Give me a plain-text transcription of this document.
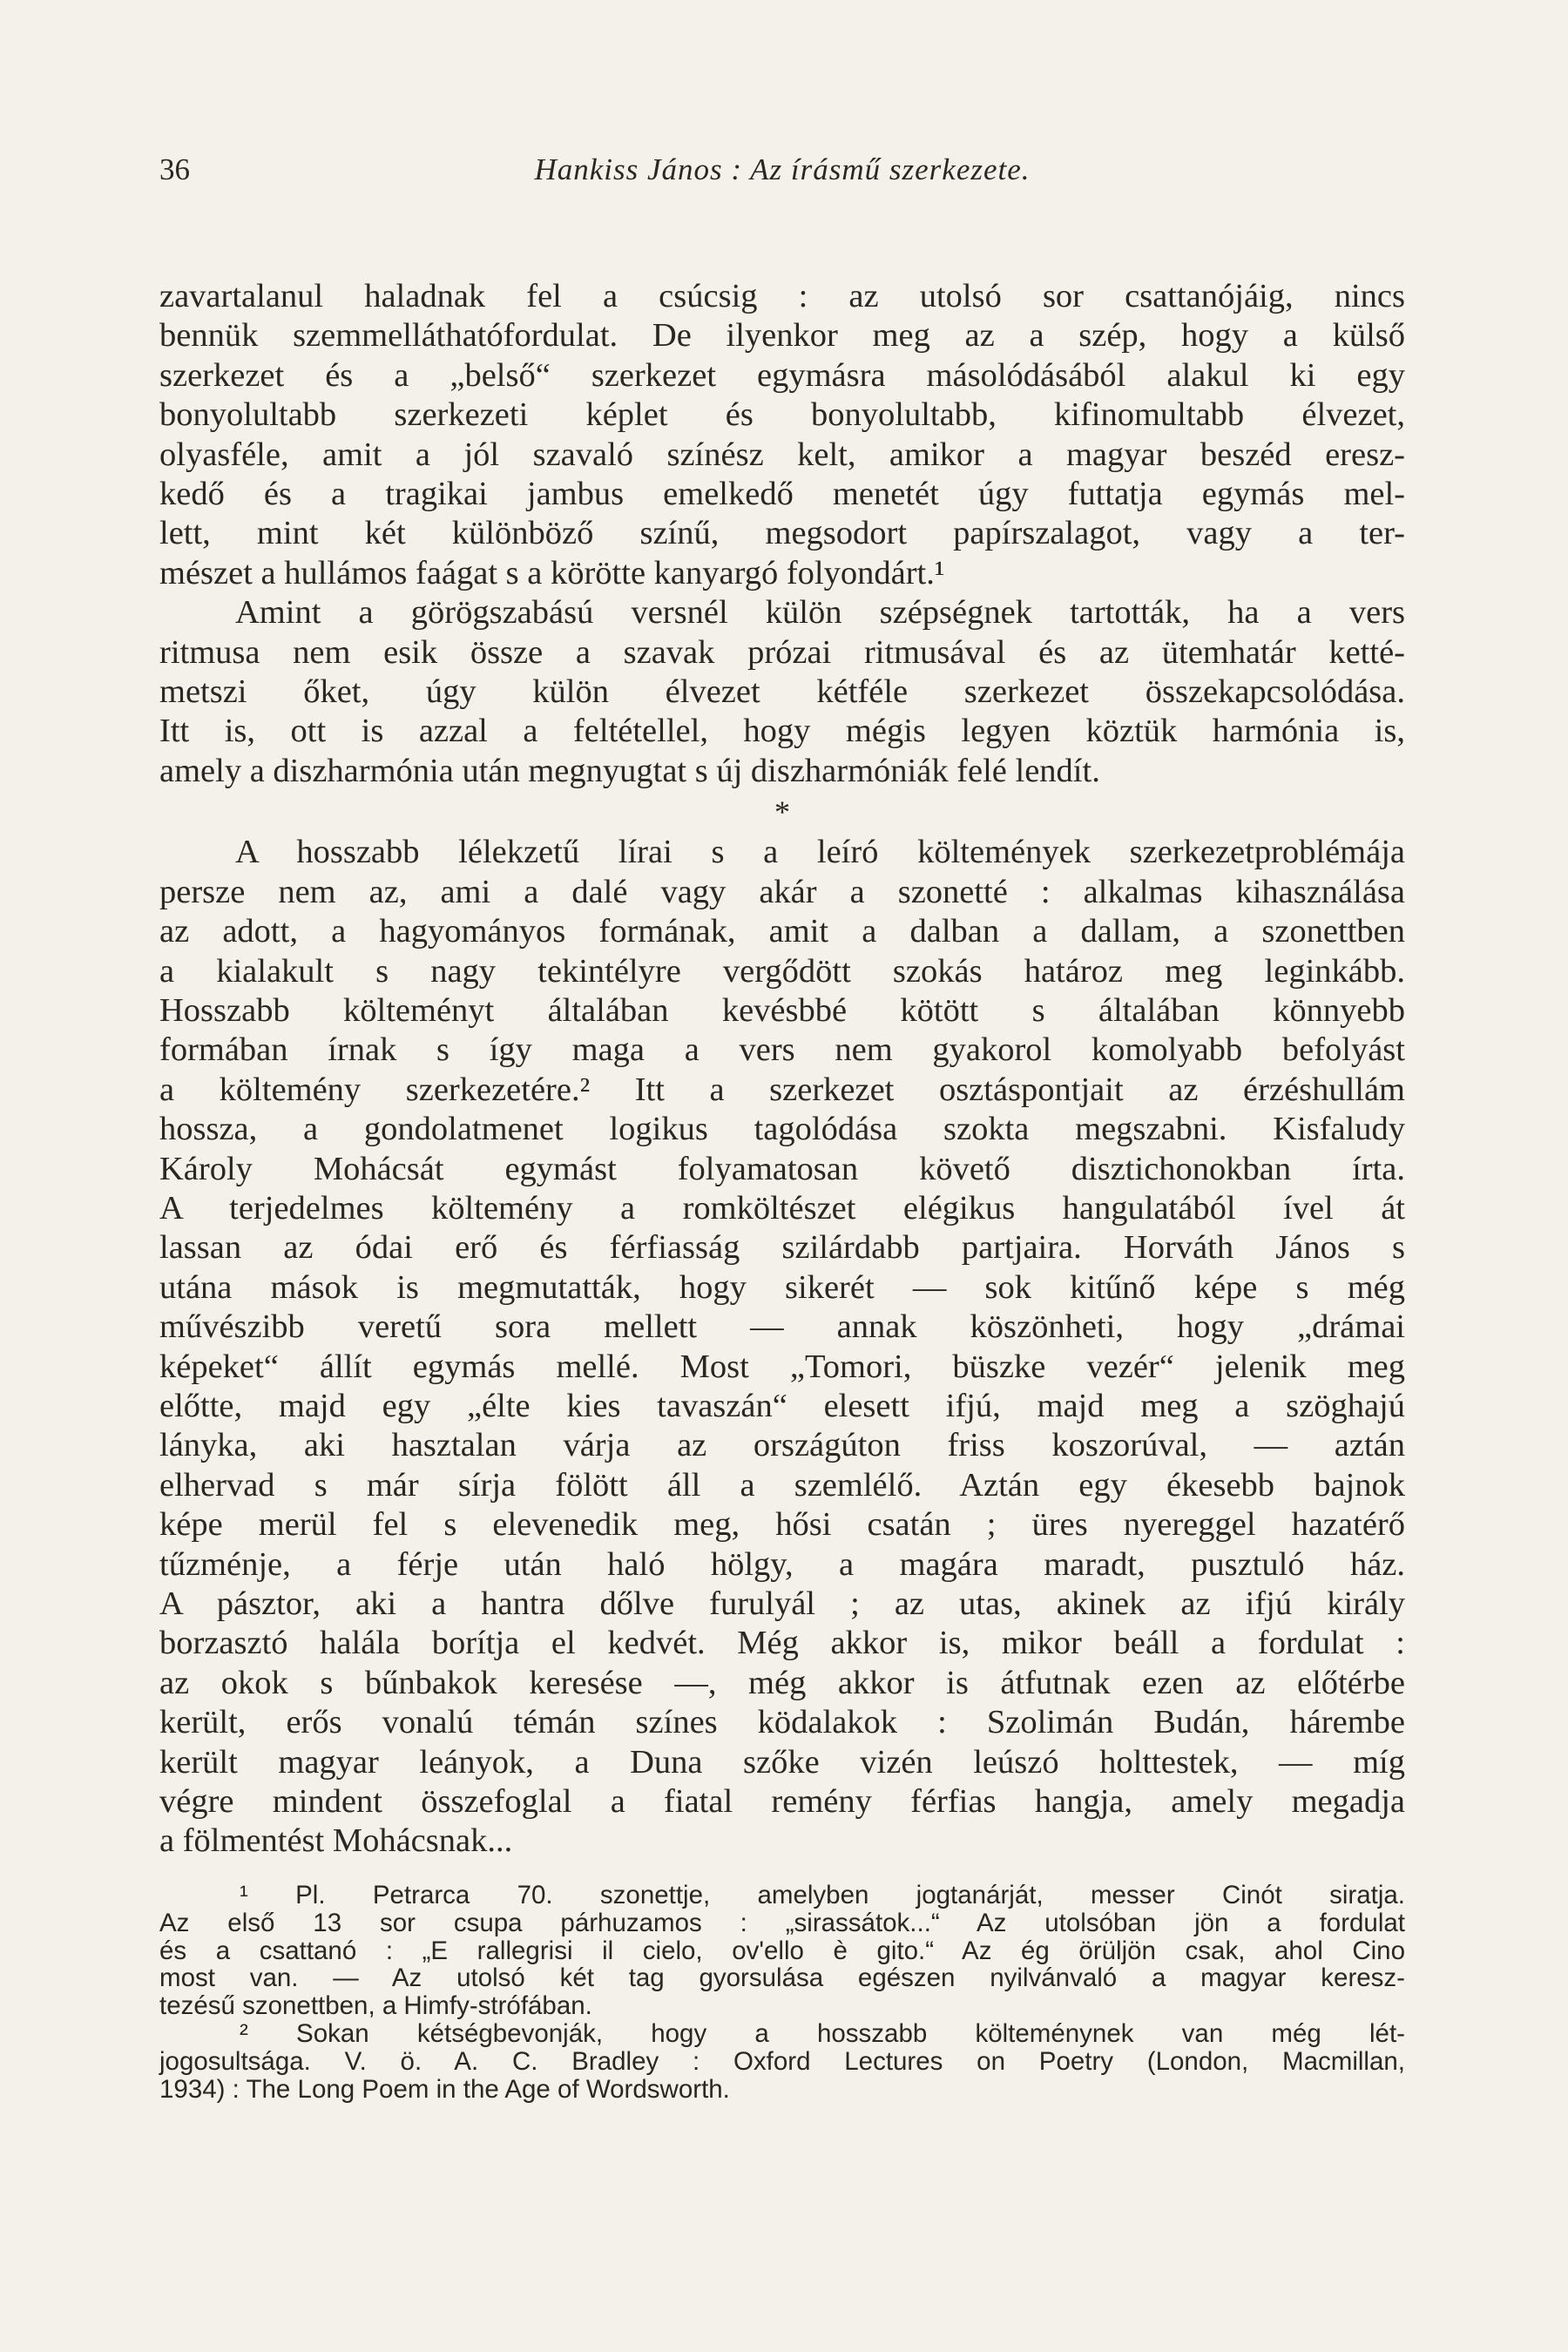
36	Hankiss János : Az írásmű szerkezete.
zavartalanul haladnak fel a csúcsig : az utolsó sor csattanójáig, nincs
bennük szemmelláthatófordulat. De ilyenkor meg az a szép, hogy a külső
szerkezet és a „belső“ szerkezet egymásra másolódásából alakul ki egy
bonyolultabb szerkezeti képlet és bonyolultabb, kifinomultabb élvezet,
olyasféle, amit a jól szavaló színész kelt, amikor a magyar beszéd eresz-
kedő és a tragikai jambus emelkedő menetét úgy futtatja egymás mel-
lett, mint két különböző színű, megsodort papírszalagot, vagy a ter-
mészet a hullámos faágat s a körötte kanyargó folyondárt.¹
Amint a görögszabású versnél külön szépségnek tartották, ha a vers
ritmusa nem esik össze a szavak prózai ritmusával és az ütemhatár ketté-
metszi őket, úgy külön élvezet kétféle szerkezet összekapcsolódása.
Itt is, ott is azzal a feltétellel, hogy mégis legyen köztük harmónia is,
amely a diszharmónia után megnyugtat s új diszharmóniák felé lendít.
*
A hosszabb lélekzetű lírai s a leíró költemények szerkezetproblémája
persze nem az, ami a dalé vagy akár a szonetté : alkalmas kihasználása
az adott, a hagyományos formának, amit a dalban a dallam, a szonettben
a kialakult s nagy tekintélyre vergődött szokás határoz meg leginkább.
Hosszabb költeményt általában kevésbbé kötött s általában könnyebb
formában írnak s így maga a vers nem gyakorol komolyabb befolyást
a költemény szerkezetére.² Itt a szerkezet osztáspontjait az érzéshullám
hossza, a gondolatmenet logikus tagolódása szokta megszabni. Kisfaludy
Károly Mohácsát egymást folyamatosan követő disztichonokban írta.
A terjedelmes költemény a romköltészet elégikus hangulatából ível át
lassan az ódai erő és férfiasság szilárdabb partjaira. Horváth János s
utána mások is megmutatták, hogy sikerét — sok kitűnő képe s még
művészibb veretű sora mellett — annak köszönheti, hogy „drámai
képeket“ állít egymás mellé. Most „Tomori, büszke vezér“ jelenik meg
előtte, majd egy „élte kies tavaszán“ elesett ifjú, majd meg a szöghajú
lányka, aki hasztalan várja az országúton friss koszorúval, — aztán
elhervad s már sírja fölött áll a szemlélő. Aztán egy ékesebb bajnok
képe merül fel s elevenedik meg, hősi csatán ; üres nyereggel hazatérő
tűzménje, a férje után haló hölgy, a magára maradt, pusztuló ház.
A pásztor, aki a hantra dőlve furulyál ; az utas, akinek az ifjú király
borzasztó halála borítja el kedvét. Még akkor is, mikor beáll a fordulat :
az okok s bűnbakok keresése —, még akkor is átfutnak ezen az előtérbe
került, erős vonalú témán színes ködalakok : Szolimán Budán, hárembe
került magyar leányok, a Duna szőke vizén leúszó holttestek, — míg
végre mindent összefoglal a fiatal remény férfias hangja, amely megadja
a fölmentést Mohácsnak...
¹ Pl. Petrarca 70. szonettje, amelyben jogtanárját, messer Cinót siratja.
Az első 13 sor csupa párhuzamos : „sirassátok...“ Az utolsóban jön a fordulat
és a csattanó : „E rallegrisi il cielo, ov'ello è gito.“ Az ég örüljön csak, ahol Cino
most van. — Az utolsó két tag gyorsulása egészen nyilvánvaló a magyar keresz-
tezésű szonettben, a Himfy-strófában.
² Sokan kétségbevonják, hogy a hosszabb költeménynek van még lét-
jogosultsága. V. ö. A. C. Bradley : Oxford Lectures on Poetry (London, Macmillan,
1934) : The Long Poem in the Age of Wordsworth.
